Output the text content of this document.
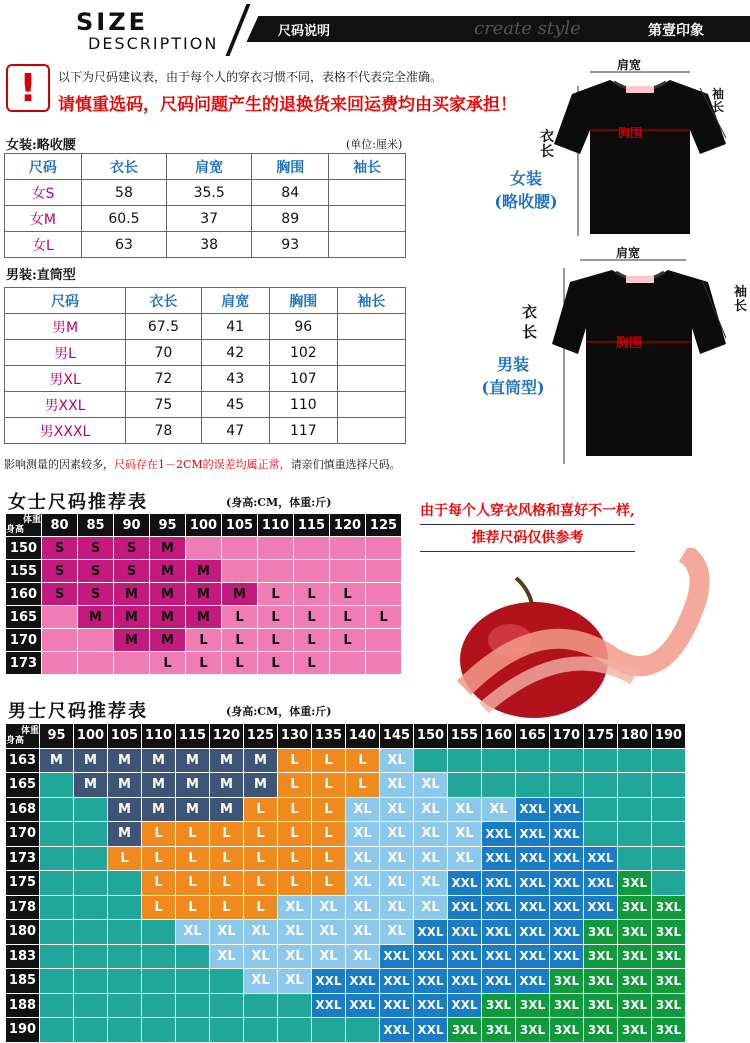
SIZE
DESCRIPTION
尺码说明	create style	第壹印象
!	以下为尺码建议表，由于每个人的穿衣习惯不同，表格不代表完全准确。
请慎重选码，尺码问题产生的退换货来回运费均由买家承担！
女装:略收腰	(单位:厘米)
尺码	衣长	肩宽	胸围	袖长
女S	58	35.5	84	
女M	60.5	37	89	
女L	63	38	93	
男装:直筒型
尺码	衣长	肩宽	胸围	袖长
男M	67.5	41	96	
男L	70	42	102	
男XL	72	43	107	
男XXL	75	45	110	
男XXXL	78	47	117	
影响测量的因素较多，尺码存在1－2CM的误差均属正常，请亲们慎重选择尺码。
肩宽
袖长
衣长
胸围
女装
(略收腰)
肩宽
袖长
衣长
胸围
男装
(直筒型)
女士尺码推荐表	(身高:CM，体重:斤)
体重
身高	80	85	90	95	100	105	110	115	120	125
150	S	S	S	M						
155	S	S	S	M	M					
160	S	S	M	M	M	M	L	L	L	
165		M	M	M	M	L	L	L	L	L
170			M	M	L	L	L	L	L	
173				L	L	L	L	L		
由于每个人穿衣风格和喜好不一样,
推荐尺码仅供参考
男士尺码推荐表	(身高:CM，体重:斤)
体重
身高	95	100	105	110	115	120	125	130	135	140	145	150	155	160	165	170	175	180	190
163	M	M	M	M	M	M	M	L	L	L	XL								
165		M	M	M	M	M	M	L	L	L	XL	XL							
168			M	M	M	M	L	L	L	XL	XL	XL	XL	XL	XXL	XXL			
170			M	L	L	L	L	L	L	XL	XL	XL	XL	XXL	XXL	XXL			
173			L	L	L	L	L	L	L	XL	XL	XL	XL	XXL	XXL	XXL	XXL		
175				L	L	L	L	L	L	XL	XL	XL	XXL	XXL	XXL	XXL	XXL	3XL	
178				L	L	L	L	XL	XL	XL	XL	XL	XXL	XXL	XXL	XXL	XXL	3XL	3XL
180					XL	XL	XL	XL	XL	XL	XL	XXL	XXL	XXL	XXL	XXL	3XL	3XL	3XL
183						XL	XL	XL	XL	XL	XXL	XXL	XXL	XXL	XXL	XXL	3XL	3XL	3XL
185							XL	XL	XXL	XXL	XXL	XXL	XXL	XXL	XXL	3XL	3XL	3XL	3XL
188									XXL	XXL	XXL	XXL	XXL	3XL	3XL	3XL	3XL	3XL	3XL
190											XXL	XXL	3XL	3XL	3XL	3XL	3XL	3XL	3XL
